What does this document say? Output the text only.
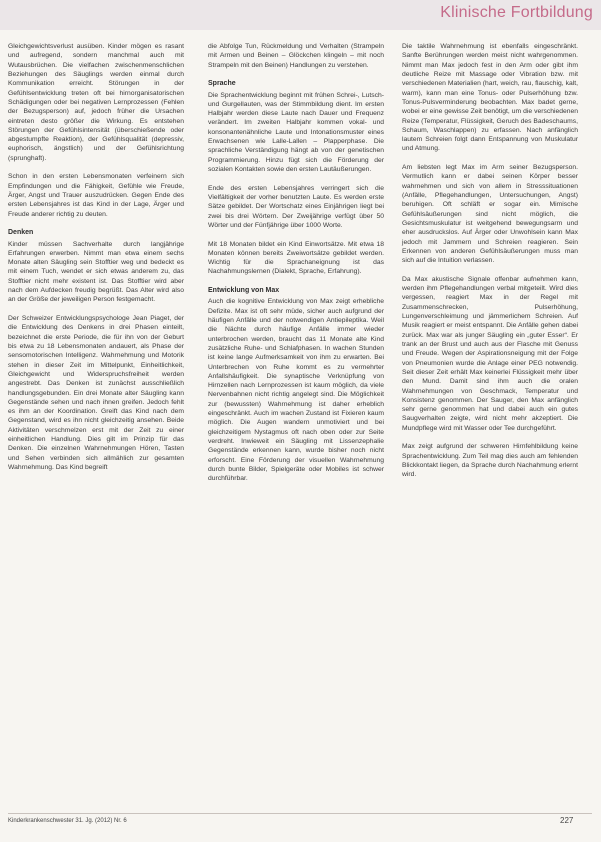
Klinische Fortbildung

Gleichgewichtsverlust ausüben. Kinder mögen es rasant und aufregend, sondern manchmal auch mit Wutausbrüchen. Die vielfachen zwischenmenschlichen Beziehungen des Säuglings werden einmal durch Kommunikation erreicht. Störungen in der Gefühlsentwicklung treten oft bei hirnorganisatorischen Schädigungen oder bei negativen Lernprozessen (Fehlen der Bezugsperson) auf, jedoch früher die Ursachen eintreten desto größer die Wirkung. Es entstehen Störungen der Gefühlsintensität (überschießende oder abgestumpfte Reaktion), der Gefühlsqualität (depressiv, euphorisch, ängstlich) und der Gefühlsrichtung (sprunghaft).

Schon in den ersten Lebensmonaten verfeinern sich Empfindungen und die Fähigkeit, Gefühle wie Freude, Ärger, Angst und Trauer auszudrücken. Gegen Ende des ersten Lebensjahres ist das Kind in der Lage, Ärger und Freude anderer richtig zu deuten.

Denken

Kinder müssen Sachverhalte durch langjährige Erfahrungen erwerben. Nimmt man etwa einem sechs Monate alten Säugling sein Stofftier weg und bedeckt es mit einem Tuch, wendet er sich etwas anderem zu, das Stofftier nicht mehr existent ist. Das Stofftier wird aber nach dem Aufdecken freudig begrüßt. Das Alter wird also an der Größe der jeweiligen Person festgemacht.

Der Schweizer Entwicklungspsychologe Jean Piaget, der die Entwicklung des Denkens in drei Phasen einteilt, bezeichnet die erste Periode, die für ihn von der Geburt bis etwa zu 18 Lebensmonaten andauert, als Phase der sensomotorischen Intelligenz. Wahrnehmung und Motorik stehen in dieser Zeit im Mittelpunkt, Einheitlichkeit, Gleichgewicht und Widerspruchsfreiheit werden angestrebt. Das Denken ist zunächst ausschließlich handlungsgebunden. Ein drei Monate alter Säugling kann Gegenstände sehen und nach ihnen greifen. Jedoch fehlt es ihm an der Koordination. Greift das Kind nach dem Gegenstand, wird es ihn nicht gleichzeitig ansehen. Beide Aktivitäten verschmelzen erst mit der Zeit zu einer einheitlichen Handlung. Dies gilt im Prinzip für das Denken. Die einzelnen Wahrnehmungen Hören, Tasten und Sehen verbinden sich allmählich zur gesamten Wahrnehmung. Das Kind begreift

die Abfolge Tun, Rückmeldung und Verhalten (Strampeln mit Armen und Beinen – Glöckchen klingeln – mit noch Strampeln mit den Beinen) Handlungen zu verstehen.

Sprache

Die Sprachentwicklung beginnt mit frühen Schrei-, Lutsch- und Gurgellauten, was der Stimmbildung dient. Im ersten Halbjahr werden diese Laute nach Dauer und Frequenz verändert. Im zweiten Halbjahr kommen vokal- und konsonantenähnliche Laute und Intonationsmuster eines Erwachsenen wie Lalle-Lallen – Plapperphase. Die sprachliche Verständigung hängt ab von der genetischen Programmierung. Hinzu fügt sich die Förderung der sozialen Kontakten sowie den ersten Lautäußerungen.

Ende des ersten Lebensjahres verringert sich die Vielfältigkeit der vorher benutzten Laute. Es werden erste Sätze gebildet. Der Wortschatz eines Einjährigen liegt bei zwei bis drei Wörtern. Der Zweijährige verfügt über 50 Wörter und der Fünfjährige über 1000 Worte.

Mit 18 Monaten bildet ein Kind Einwortsätze. Mit etwa 18 Monaten können bereits Zweiwortsätze gebildet werden. Wichtig für die Sprachaneignung ist das Nachahmungslernen (Dialekt, Sprache, Erfahrung).

Entwicklung von Max

Auch die kognitive Entwicklung von Max zeigt erhebliche Defizite. Max ist oft sehr müde, sicher auch aufgrund der häufigen Anfälle und der notwendigen Antiepileptika. Weil die Nächte durch häufige Anfälle immer wieder unterbrochen werden, braucht das 11 Monate alte Kind zusätzliche Ruhe- und Schlafphasen. In wachen Stunden ist keine lange Aufmerksamkeit von ihm zu erwarten. Bei Unterbrechen von Ruhe kommt es zu vermehrter Anfallshäufigkeit. Die synaptische Verknüpfung von Hirnzellen nach Lernprozessen ist kaum möglich, da viele Nervenbahnen nicht richtig angelegt sind. Die Möglichkeit zur (bewussten) Wahrnehmung ist daher erheblich eingeschränkt. Auch im wachen Zustand ist Fixieren kaum möglich. Die Augen wandern unmotiviert und bei gleichzeitigem Nystagmus oft nach oben oder zur Seite verdreht. Inwieweit ein Säugling mit Lissenzephalie Gegenstände erkennen kann, wurde bisher noch nicht erforscht. Eine Förderung der visuellen Wahrnehmung durch bunte Bilder, Spielgeräte oder Mobiles ist schwer durchführbar.

Die taktile Wahrnehmung ist ebenfalls eingeschränkt. Sanfte Berührungen werden meist nicht wahrgenommen. Nimmt man Max jedoch fest in den Arm oder gibt ihm deutliche Reize mit Massage oder Vibration bzw. mit verschiedenen Materialien (hart, weich, rau, flauschig, kalt, warm), kann man eine Tonus- oder Pulserhöhung bzw. Tonus-Pulsverminderung beobachten. Max badet gerne, wobei er eine gewisse Zeit benötigt, um die verschiedenen Reize (Temperatur, Flüssigkeit, Geruch des Badeschaums, Schaum, Waschlappen) zu erfassen. Nach anfänglich lautem Schreien folgt dann Entspannung von Muskulatur und Atmung.

Am liebsten legt Max im Arm seiner Bezugsperson. Vermutlich kann er dabei seinen Körper besser wahrnehmen und sich von allem in Stresssituationen (Anfälle, Pflegehandlungen, Untersuchungen, Angst) beruhigen. Oft schläft er sogar ein. Mimische Gefühlsäußerungen sind nicht möglich, die Gesichtsmuskulatur ist weitgehend bewegungsarm und eher ausdruckslos. Auf Ärger oder Unwohlsein kann Max jedoch mit Jammern und Schreien reagieren. Sein Erkennen von anderen Gefühlsäußerungen muss man sich auf die Intuition verlassen.

Da Max akustische Signale offenbar aufnehmen kann, werden ihm Pflegehandlungen verbal mitgeteilt. Wird dies vergessen, reagiert Max in der Regel mit Zusammenschrecken, Pulserhöhung, Lungenverschleimung und jämmerlichem Schreien. Auf Musik reagiert er meist entspannt. Die Anfälle gehen dabei zurück. Max war als junger Säugling ein „guter Esser“. Er trank an der Brust und auch aus der Flasche mit Genuss und Freude. Wegen der Aspirationsneigung mit der Folge von Pneumonien wurde die Anlage einer PEG notwendig. Seit dieser Zeit erhält Max keinerlei Flüssigkeit mehr über den Mund. Damit sind ihm auch die oralen Wahrnehmungen von Geschmack, Temperatur und Konsistenz genommen. Der Sauger, den Max anfänglich sehr gerne genommen hat und dabei auch ein gutes Saugverhalten zeigte, wird nicht mehr akzeptiert. Die Mundpflege wird mit Wasser oder Tee durchgeführt.

Max zeigt aufgrund der schweren Hirnfehlbildung keine Sprachentwicklung. Zum Teil mag dies auch am fehlenden Blickkontakt liegen, da Sprache durch Nachahmung erlernt wird.

Kinderkrankenschwester 31. Jg. (2012) Nr. 6	227
